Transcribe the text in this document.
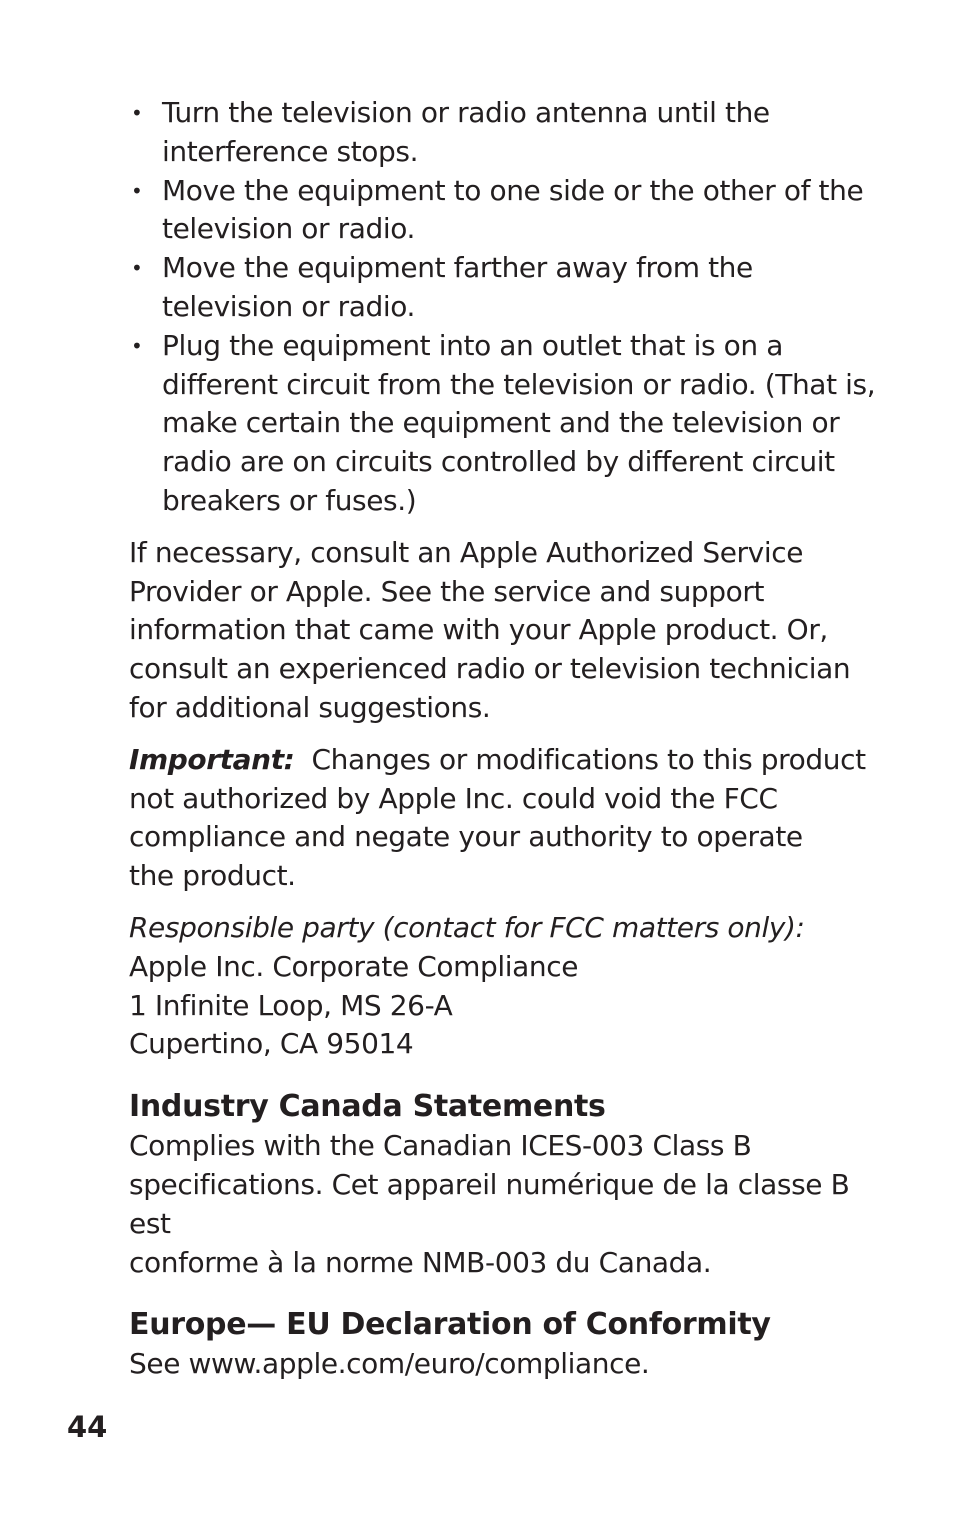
• Turn the television or radio antenna until the
interference stops.
• Move the equipment to one side or the other of the
television or radio.
• Move the equipment farther away from the
television or radio.
• Plug the equipment into an outlet that is on a
different circuit from the television or radio. (That is,
make certain the equipment and the television or
radio are on circuits controlled by different circuit
breakers or fuses.)

If necessary, consult an Apple Authorized Service
Provider or Apple. See the service and support
information that came with your Apple product. Or,
consult an experienced radio or television technician
for additional suggestions.

Important: Changes or modifications to this product
not authorized by Apple Inc. could void the FCC
compliance and negate your authority to operate
the product.

Responsible party (contact for FCC matters only):
Apple Inc. Corporate Compliance
1 Infinite Loop, MS 26-A
Cupertino, CA 95014

Industry Canada Statements

Complies with the Canadian ICES-003 Class B
specifications. Cet appareil numérique de la classe B est
conforme à la norme NMB-003 du Canada.

Europe— EU Declaration of Conformity

See www.apple.com/euro/compliance.

44
